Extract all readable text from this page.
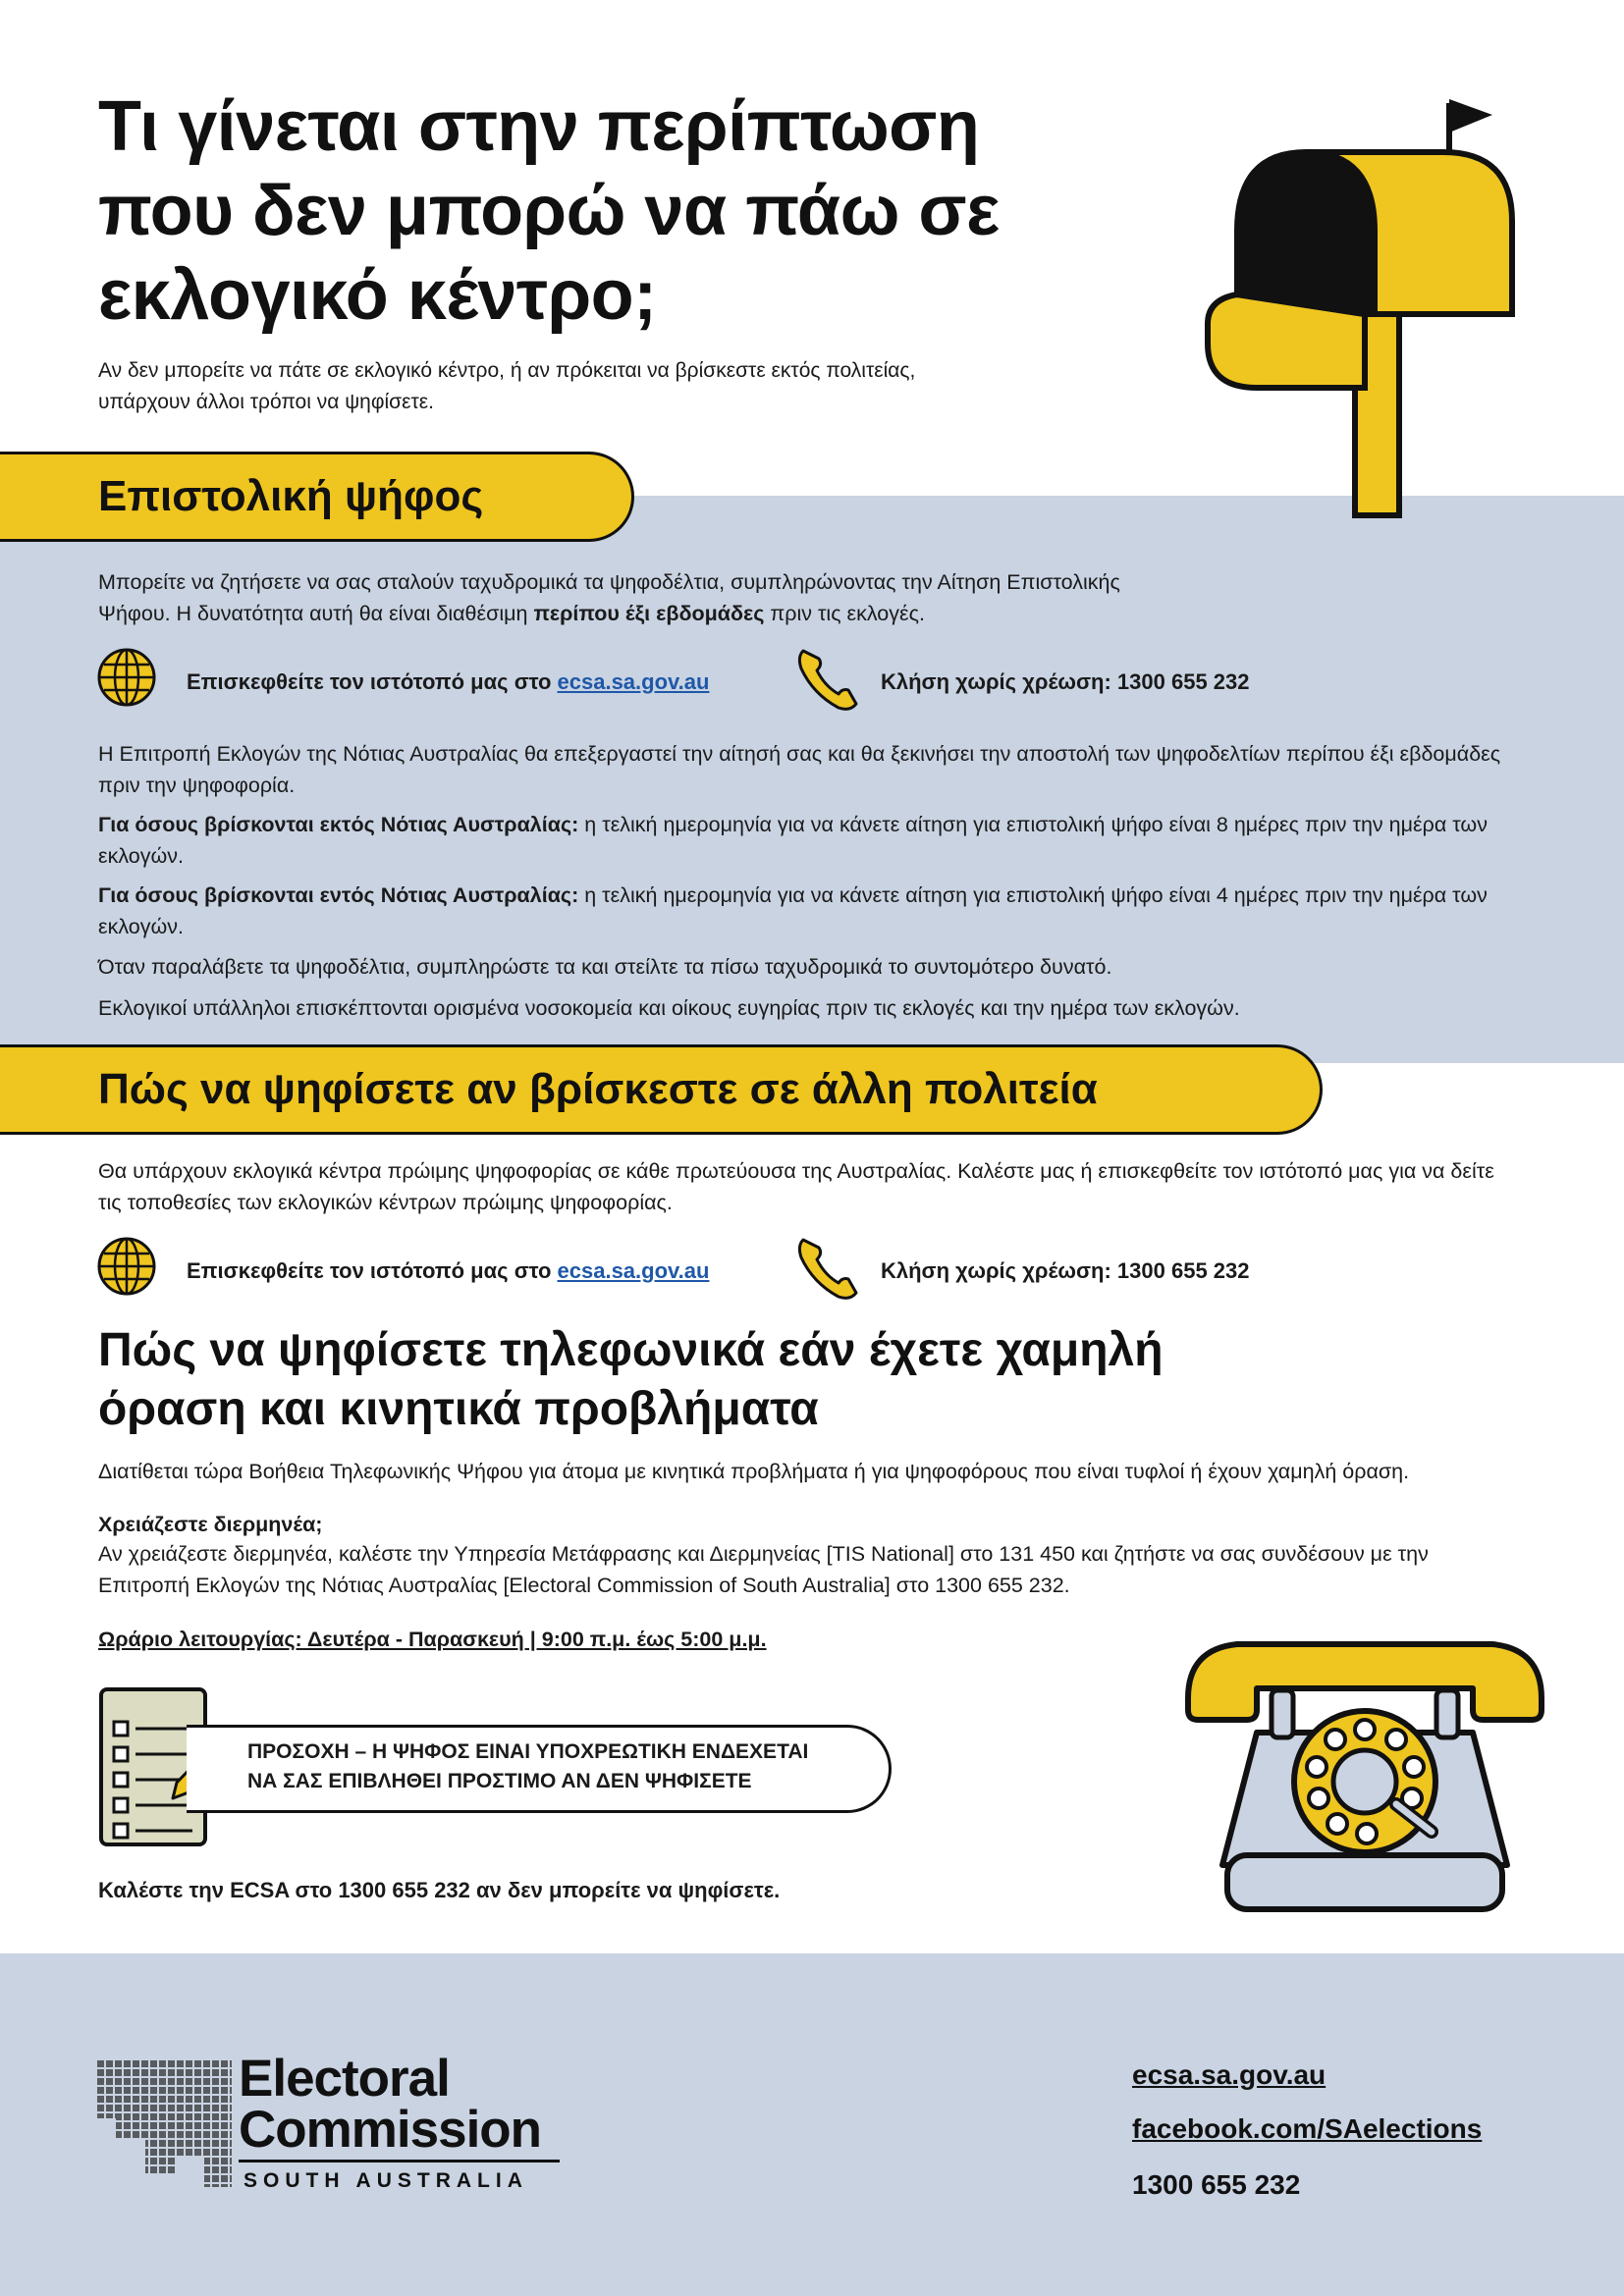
Τι γίνεται στην περίπτωση που δεν μπορώ να πάω σε εκλογικό κέντρο;
Αν δεν μπορείτε να πάτε σε εκλογικό κέντρο, ή αν πρόκειται να βρίσκεστε εκτός πολιτείας, υπάρχουν άλλοι τρόποι να ψηφίσετε.
Επιστολική ψήφος
Μπορείτε να ζητήσετε να σας σταλούν ταχυδρομικά τα ψηφοδέλτια, συμπληρώνοντας την Αίτηση Επιστολικής Ψήφου. Η δυνατότητα αυτή θα είναι διαθέσιμη περίπου έξι εβδομάδες πριν τις εκλογές.
Επισκεφθείτε τον ιστότοπό μας στο ecsa.sa.gov.au	Κλήση χωρίς χρέωση: 1300 655 232
Η Επιτροπή Εκλογών της Νότιας Αυστραλίας θα επεξεργαστεί την αίτησή σας και θα ξεκινήσει την αποστολή των ψηφοδελτίων περίπου έξι εβδομάδες πριν την ψηφοφορία.
Για όσους βρίσκονται εκτός Νότιας Αυστραλίας: η τελική ημερομηνία για να κάνετε αίτηση για επιστολική ψήφο είναι 8 ημέρες πριν την ημέρα των εκλογών.
Για όσους βρίσκονται εντός Νότιας Αυστραλίας: η τελική ημερομηνία για να κάνετε αίτηση για επιστολική ψήφο είναι 4 ημέρες πριν την ημέρα των εκλογών.
Όταν παραλάβετε τα ψηφοδέλτια, συμπληρώστε τα και στείλτε τα πίσω ταχυδρομικά το συντομότερο δυνατό.
Εκλογικοί υπάλληλοι επισκέπτονται ορισμένα νοσοκομεία και οίκους ευγηρίας πριν τις εκλογές και την ημέρα των εκλογών.
Πώς να ψηφίσετε αν βρίσκεστε σε άλλη πολιτεία
Θα υπάρχουν εκλογικά κέντρα πρώιμης ψηφοφορίας σε κάθε πρωτεύουσα της Αυστραλίας. Καλέστε μας ή επισκεφθείτε τον ιστότοπό μας για να δείτε τις τοποθεσίες των εκλογικών κέντρων πρώιμης ψηφοφορίας.
Επισκεφθείτε τον ιστότοπό μας στο ecsa.sa.gov.au	Κλήση χωρίς χρέωση: 1300 655 232
Πώς να ψηφίσετε τηλεφωνικά εάν έχετε χαμηλή όραση και κινητικά προβλήματα
Διατίθεται τώρα Βοήθεια Τηλεφωνικής Ψήφου για άτομα με κινητικά προβλήματα ή για ψηφοφόρους που είναι τυφλοί ή έχουν χαμηλή όραση.
Χρειάζεστε διερμηνέα;
Αν χρειάζεστε διερμηνέα, καλέστε την Υπηρεσία Μετάφρασης και Διερμηνείας [TIS National] στο 131 450 και ζητήστε να σας συνδέσουν με την Επιτροπή Εκλογών της Νότιας Αυστραλίας [Electoral Commission of South Australia] στο 1300 655 232.
Ωράριο λειτουργίας: Δευτέρα - Παρασκευή | 9:00 π.μ. έως 5:00 μ.μ.
ΠΡΟΣΟΧΗ – Η ΨΗΦΟΣ ΕΙΝΑΙ ΥΠΟΧΡΕΩΤΙΚΗ ΕΝΔΕΧΕΤΑΙ
ΝΑ ΣΑΣ ΕΠΙΒΛΗΘΕΙ ΠΡΟΣΤΙΜΟ ΑΝ ΔΕΝ ΨΗΦΙΣΕΤΕ
Καλέστε την ECSA στο 1300 655 232 αν δεν μπορείτε να ψηφίσετε.
Electoral
Commission
SOUTH AUSTRALIA
ecsa.sa.gov.au
facebook.com/SAelections
1300 655 232
